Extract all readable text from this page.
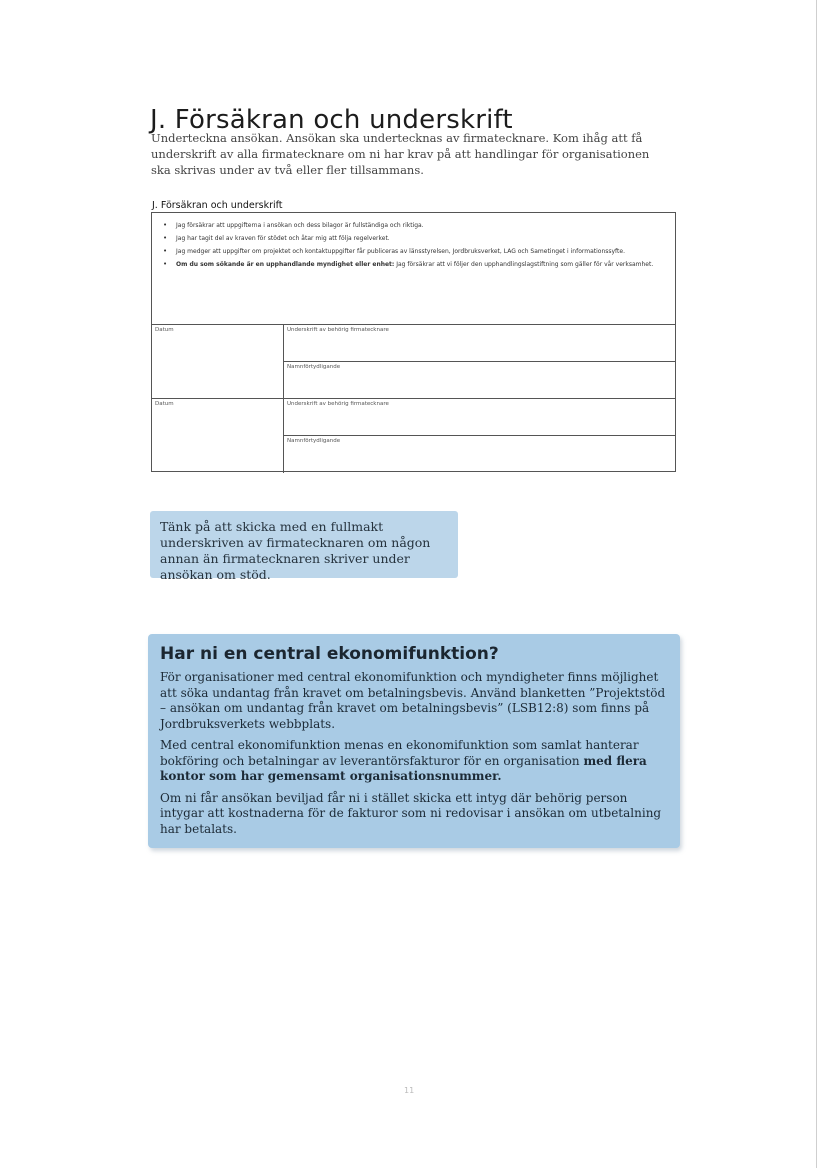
J. Försäkran och underskrift
Underteckna ansökan. Ansökan ska undertecknas av firmatecknare. Kom ihåg att få underskrift av alla firmatecknare om ni har krav på att handlingar för organisationen ska skrivas under av två eller fler tillsammans.
J. Försäkran och underskrift
• Jag försäkrar att uppgifterna i ansökan och dess bilagor är fullständiga och riktiga.
• Jag har tagit del av kraven för stödet och åtar mig att följa regelverket.
• Jag medger att uppgifter om projektet och kontaktuppgifter får publiceras av länsstyrelsen, Jordbruksverket, LAG och Sametinget i informationssyfte.
• Om du som sökande är en upphandlande myndighet eller enhet: Jag försäkrar att vi följer den upphandlingslagstiftning som gäller för vår verksamhet.
Datum	Underskrift av behörig firmatecknare
Namnförtydligande
Datum	Underskrift av behörig firmatecknare
Namnförtydligande
Tänk på att skicka med en fullmakt underskriven av firmatecknaren om någon annan än firmatecknaren skriver under ansökan om stöd.
Har ni en central ekonomifunktion?

För organisationer med central ekonomifunktion och myndigheter finns möjlighet att söka undantag från kravet om betalningsbevis. Använd blanketten ”Projektstöd – ansökan om undantag från kravet om betalningsbevis” (LSB12:8) som finns på Jordbruksverkets webbplats.

Med central ekonomifunktion menas en ekonomifunktion som samlat hanterar bokföring och betalningar av leverantörsfakturor för en organisation med flera kontor som har gemensamt organisationsnummer.

Om ni får ansökan beviljad får ni i stället skicka ett intyg där behörig person intygar att kostnaderna för de fakturor som ni redovisar i ansökan om utbetalning har betalats.

11
